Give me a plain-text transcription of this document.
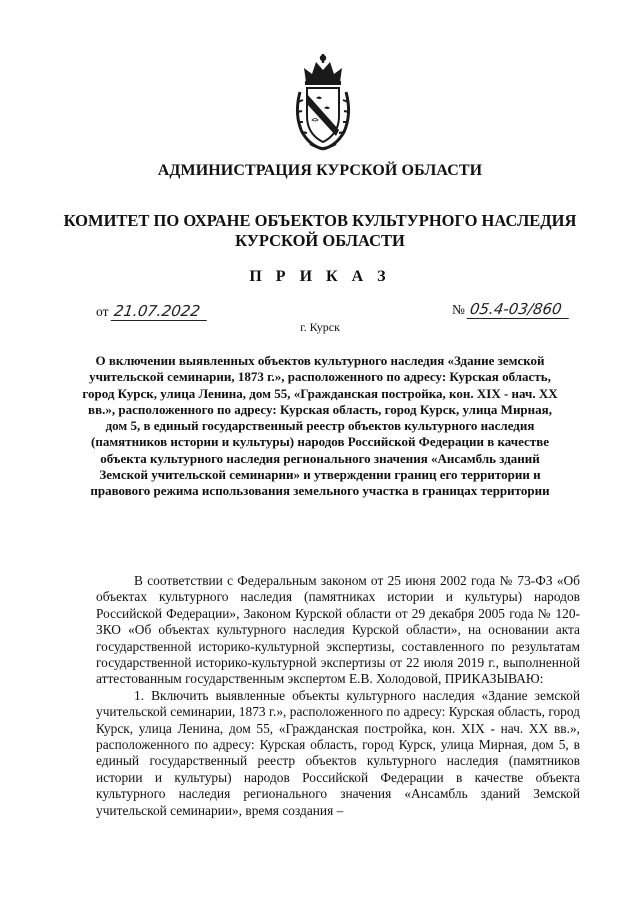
АДМИНИСТРАЦИЯ КУРСКОЙ ОБЛАСТИ
КОМИТЕТ ПО ОХРАНЕ ОБЪЕКТОВ КУЛЬТУРНОГО НАСЛЕДИЯ КУРСКОЙ ОБЛАСТИ
П Р И К А З
от 21.07.2022	№ 05.4-03/860
г. Курск
О включении выявленных объектов культурного наследия «Здание земской учительской семинарии, 1873 г.», расположенного по адресу: Курская область, город Курск, улица Ленина, дом 55, «Гражданская постройка, кон. XIX - нач. XX вв.», расположенного по адресу: Курская область, город Курск, улица Мирная, дом 5, в единый государственный реестр объектов культурного наследия (памятников истории и культуры) народов Российской Федерации в качестве объекта культурного наследия регионального значения «Ансамбль зданий Земской учительской семинарии» и утверждении границ его территории и правового режима использования земельного участка в границах территории

В соответствии с Федеральным законом от 25 июня 2002 года № 73-ФЗ «Об объектах культурного наследия (памятниках истории и культуры) народов Российской Федерации», Законом Курской области от 29 декабря 2005 года № 120-ЗКО «Об объектах культурного наследия Курской области», на основании акта государственной историко-культурной экспертизы, составленного по результатам государственной историко-культурной экспертизы от 22 июля 2019 г., выполненной аттестованным государственным экспертом Е.В. Холодовой, ПРИКАЗЫВАЮ:

1. Включить выявленные объекты культурного наследия «Здание земской учительской семинарии, 1873 г.», расположенного по адресу: Курская область, город Курск, улица Ленина, дом 55, «Гражданская постройка, кон. XIX - нач. XX вв.», расположенного по адресу: Курская область, город Курск, улица Мирная, дом 5, в единый государственный реестр объектов культурного наследия (памятников истории и культуры) народов Российской Федерации в качестве объекта культурного наследия регионального значения «Ансамбль зданий Земской учительской семинарии», время создания –
